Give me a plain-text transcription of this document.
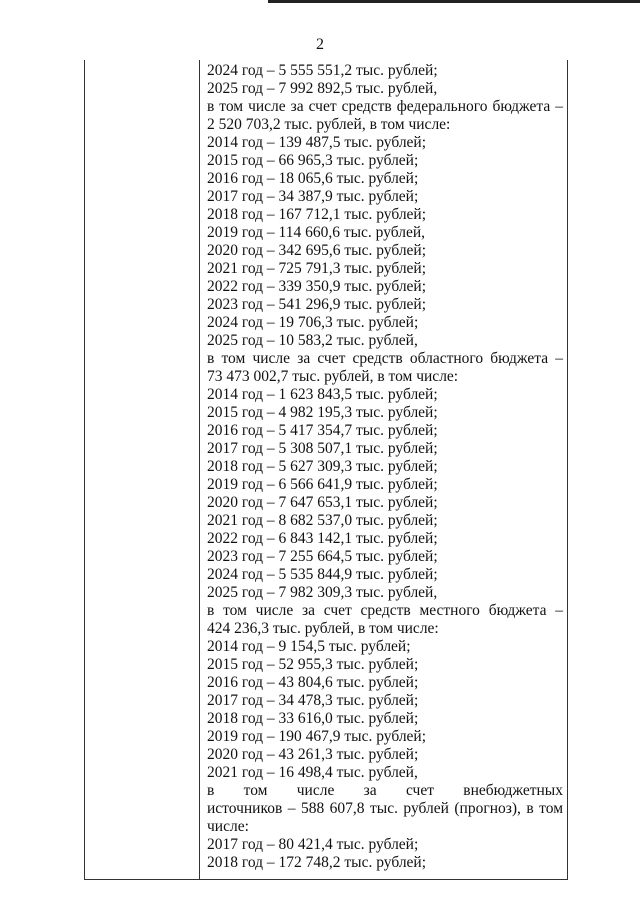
2
2024 год – 5 555 551,2 тыс. рублей;
2025 год – 7 992 892,5 тыс. рублей,
в том числе за счет средств федерального бюджета –
2 520 703,2 тыс. рублей, в том числе:
2014 год – 139 487,5 тыс. рублей;
2015 год – 66 965,3 тыс. рублей;
2016 год – 18 065,6 тыс. рублей;
2017 год – 34 387,9 тыс. рублей;
2018 год – 167 712,1 тыс. рублей;
2019 год – 114 660,6 тыс. рублей,
2020 год – 342 695,6 тыс. рублей;
2021 год – 725 791,3 тыс. рублей;
2022 год – 339 350,9 тыс. рублей;
2023 год – 541 296,9 тыс. рублей;
2024 год – 19 706,3 тыс. рублей;
2025 год – 10 583,2 тыс. рублей,
в том числе за счет средств областного бюджета –
73 473 002,7 тыс. рублей, в том числе:
2014 год – 1 623 843,5 тыс. рублей;
2015 год – 4 982 195,3 тыс. рублей;
2016 год – 5 417 354,7 тыс. рублей;
2017 год – 5 308 507,1 тыс. рублей;
2018 год – 5 627 309,3 тыс. рублей;
2019 год – 6 566 641,9 тыс. рублей;
2020 год – 7 647 653,1 тыс. рублей;
2021 год – 8 682 537,0 тыс. рублей;
2022 год – 6 843 142,1 тыс. рублей;
2023 год – 7 255 664,5 тыс. рублей;
2024 год – 5 535 844,9 тыс. рублей;
2025 год – 7 982 309,3 тыс. рублей,
в том числе за счет средств местного бюджета –
424 236,3 тыс. рублей, в том числе:
2014 год – 9 154,5 тыс. рублей;
2015 год – 52 955,3 тыс. рублей;
2016 год – 43 804,6 тыс. рублей;
2017 год – 34 478,3 тыс. рублей;
2018 год – 33 616,0 тыс. рублей;
2019 год – 190 467,9 тыс. рублей;
2020 год – 43 261,3 тыс. рублей;
2021 год – 16 498,4 тыс. рублей,
в том числе за счет внебюджетных
источников – 588 607,8 тыс. рублей (прогноз), в том
числе:
2017 год – 80 421,4 тыс. рублей;
2018 год – 172 748,2 тыс. рублей;
